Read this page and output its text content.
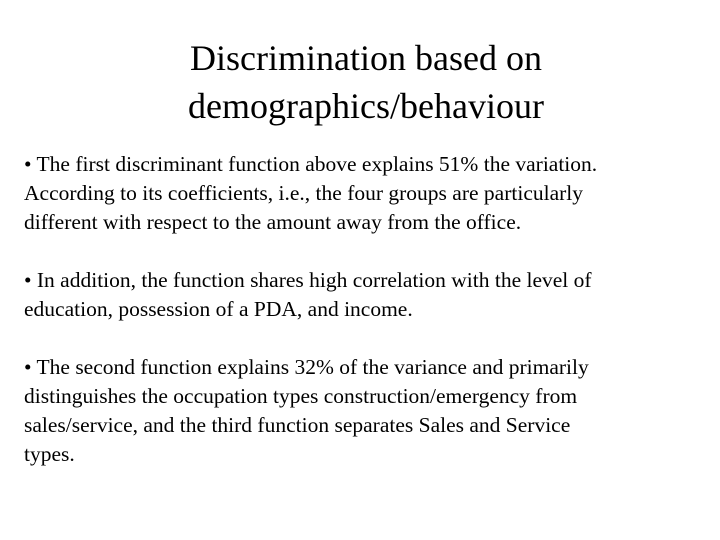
Discrimination based on
demographics/behaviour
• The first discriminant function above explains 51% the variation.
According to its coefficients, i.e., the four groups are particularly
different with respect to the amount away from the office.
• In addition, the function shares high correlation with the level of
education, possession of a PDA, and income.
• The second function explains 32% of the variance and primarily
distinguishes the occupation types construction/emergency from
sales/service, and the third function separates Sales and Service
types.
